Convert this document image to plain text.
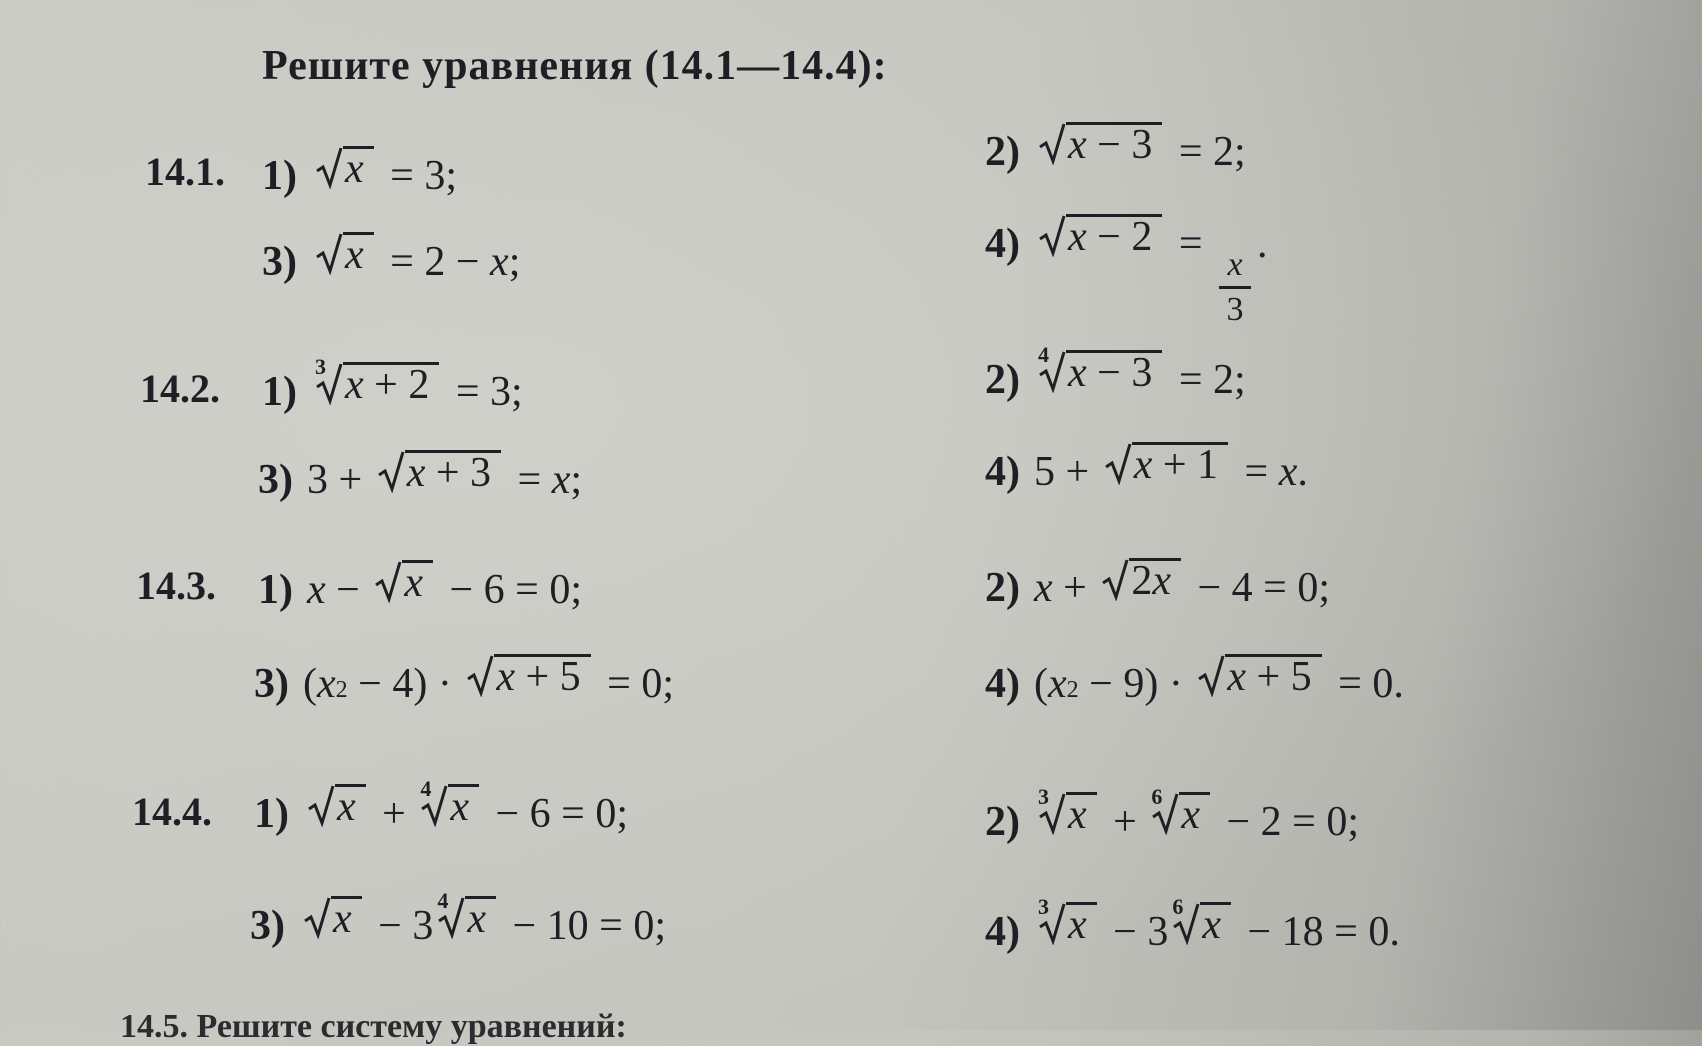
Решите уравнения (14.1—14.4):
14.1. 1) x = 3;
2) x − 3 = 2;
3) x = 2 − x ;	4) x − 2 =
$\frac{x}{3}$
.
14.2. 1)
3 x + 2 = 3;	2)
4 x − 3 = 2;
3) 3 + x + 3 = x ;	4) 5 + x + 1 = x .
14.3. 1) x − x − 6 = 0;	2) x + 2x − 4 = 0;
3) ( x 2 − 4) · x + 5 = 0;	4) ( x 2 − 9) · x + 5 = 0.
14.4. 1) x +
4 x − 6 = 0;	2)
3 x +
6 x − 2 = 0;
3) x − 3
4 x − 10 = 0;	4)
3 x − 3
6 x − 18 = 0.
14.5. Решите систему уравнений:
